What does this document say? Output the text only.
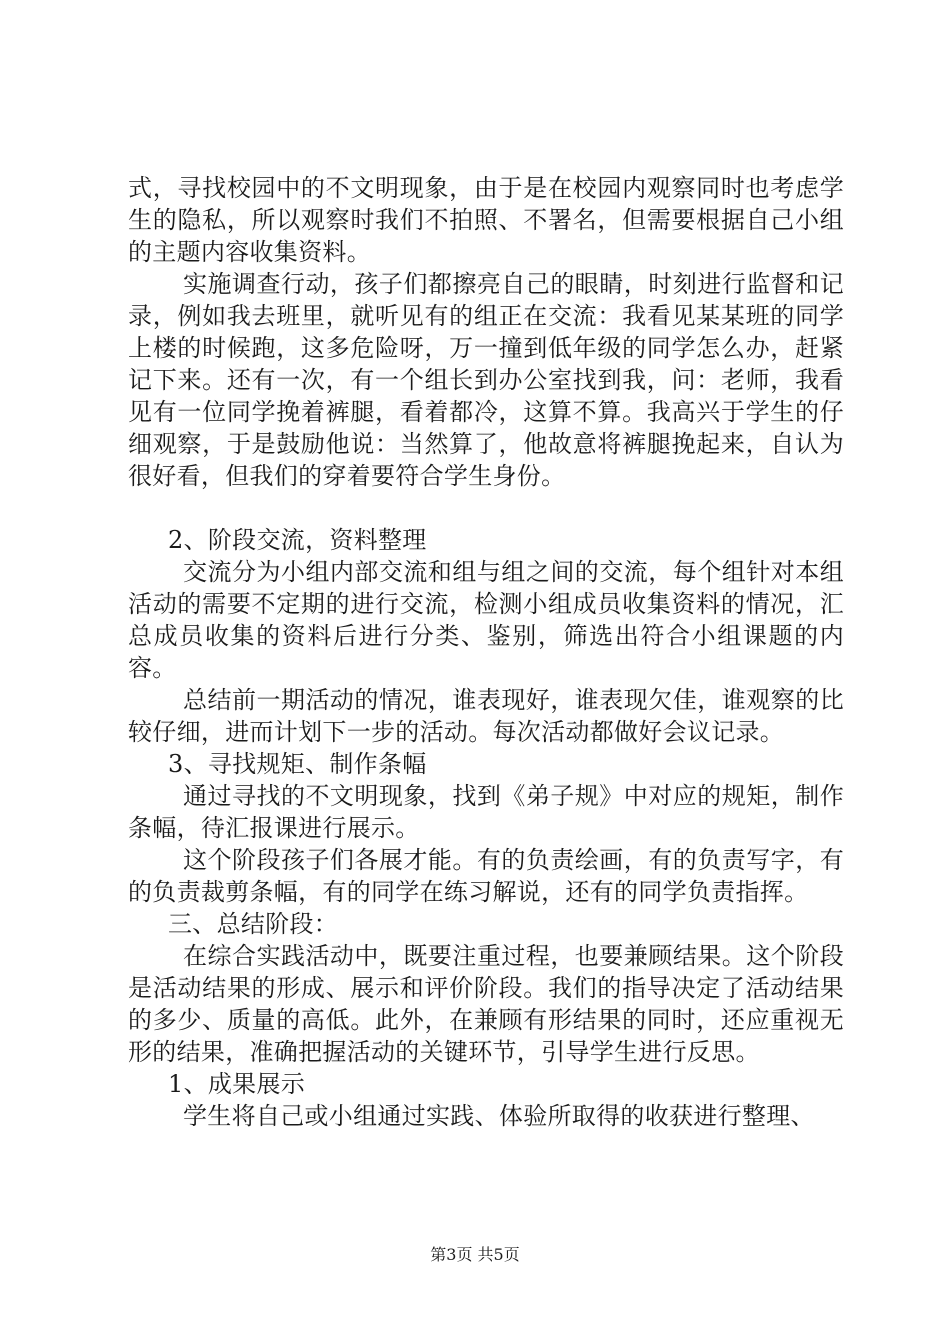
式，寻找校园中的不文明现象，由于是在校园内观察同时也考虑学生的隐私，所以观察时我们不拍照、不署名，但需要根据自己小组的主题内容收集资料。

实施调查行动，孩子们都擦亮自己的眼睛，时刻进行监督和记录，例如我去班里，就听见有的组正在交流：我看见某某班的同学上楼的时候跑，这多危险呀，万一撞到低年级的同学怎么办，赶紧记下来。还有一次，有一个组长到办公室找到我，问：老师，我看见有一位同学挽着裤腿，看着都冷，这算不算。我高兴于学生的仔细观察，于是鼓励他说：当然算了，他故意将裤腿挽起来，自认为很好看，但我们的穿着要符合学生身份。

2、阶段交流，资料整理

交流分为小组内部交流和组与组之间的交流，每个组针对本组活动的需要不定期的进行交流，检测小组成员收集资料的情况，汇总成员收集的资料后进行分类、鉴别，筛选出符合小组课题的内容。

总结前一期活动的情况，谁表现好，谁表现欠佳，谁观察的比较仔细，进而计划下一步的活动。每次活动都做好会议记录。

3、寻找规矩、制作条幅

通过寻找的不文明现象，找到《弟子规》中对应的规矩，制作条幅，待汇报课进行展示。

这个阶段孩子们各展才能。有的负责绘画，有的负责写字，有的负责裁剪条幅，有的同学在练习解说，还有的同学负责指挥。

三、总结阶段：

在综合实践活动中，既要注重过程，也要兼顾结果。这个阶段是活动结果的形成、展示和评价阶段。我们的指导决定了活动结果的多少、质量的高低。此外，在兼顾有形结果的同时，还应重视无形的结果，准确把握活动的关键环节，引导学生进行反思。

1、成果展示

学生将自己或小组通过实践、体验所取得的收获进行整理、

第3页 共5页
